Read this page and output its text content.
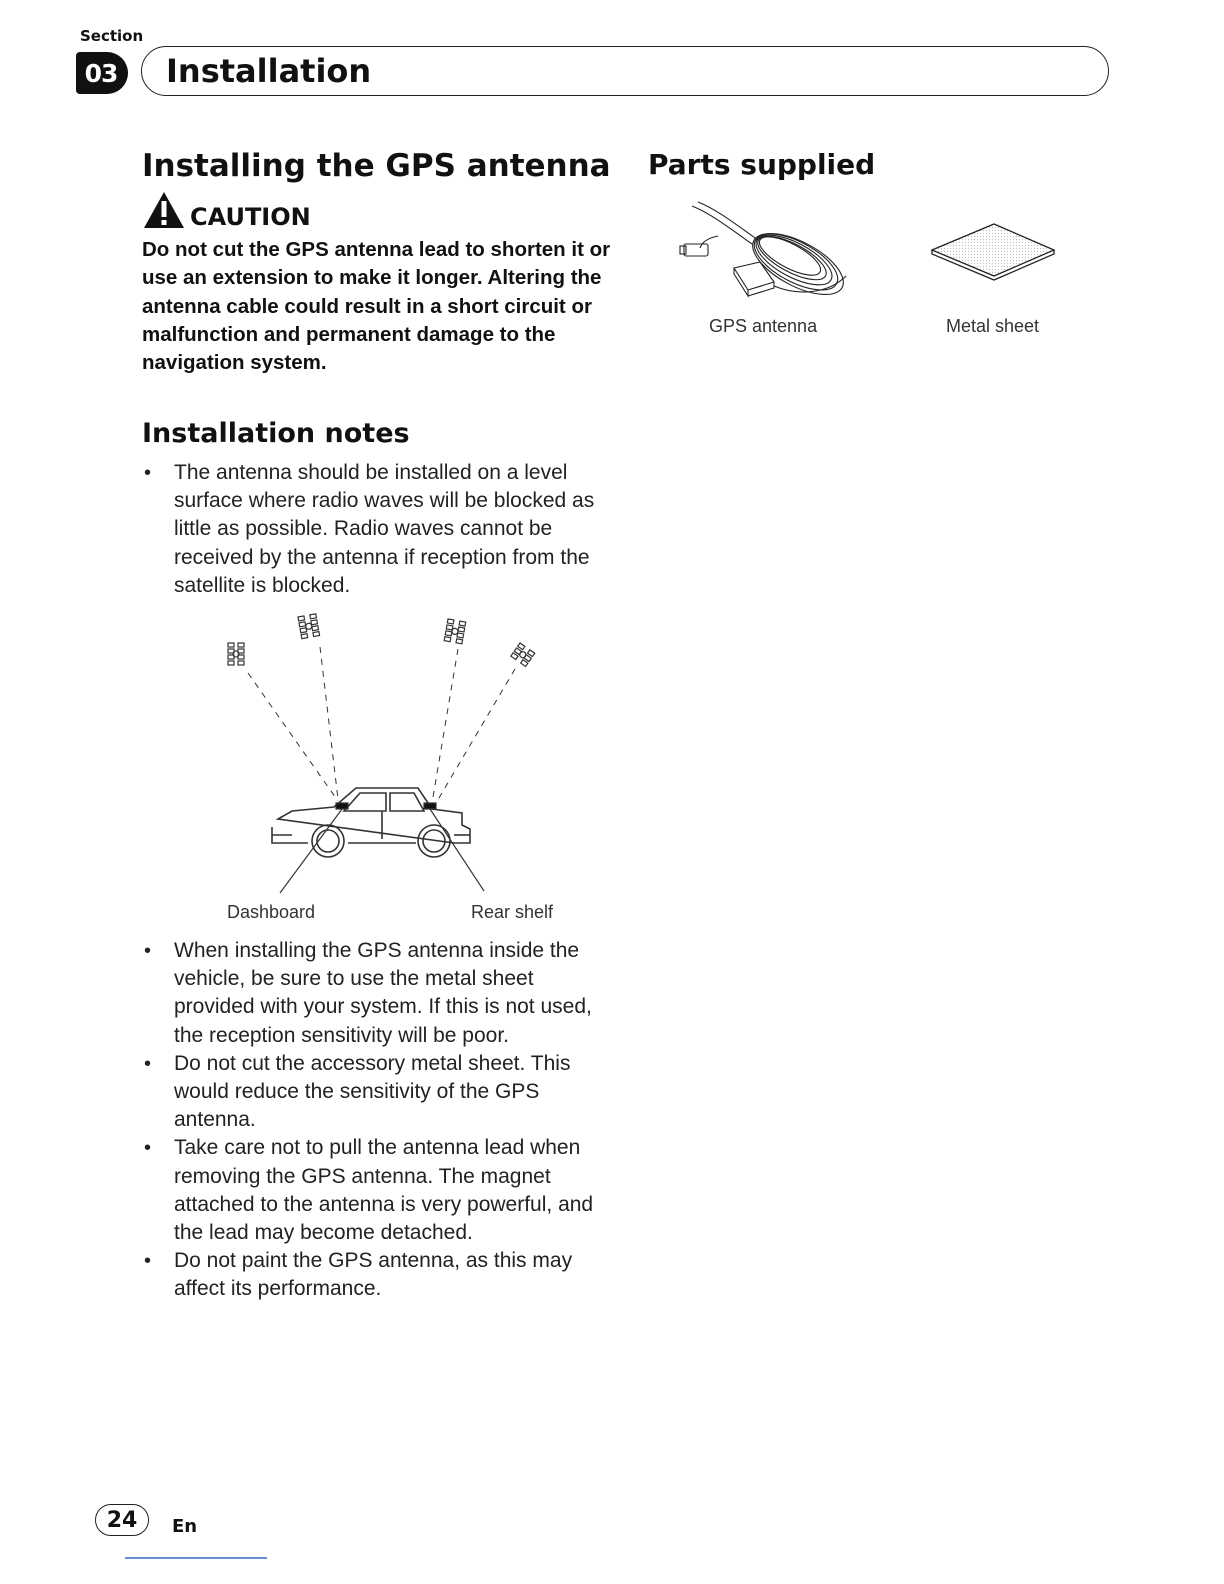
Section
03	Installation
Installing the GPS antenna
CAUTION

Do not cut the GPS antenna lead to shorten it or use an extension to make it longer. Altering the antenna cable could result in a short circuit or malfunction and permanent damage to the navigation system.

Installation notes
• The antenna should be installed on a level surface where radio waves will be blocked as little as possible. Radio waves cannot be received by the antenna if reception from the satellite is blocked.
Dashboard	Rear shelf
• When installing the GPS antenna inside the vehicle, be sure to use the metal sheet provided with your system. If this is not used, the reception sensitivity will be poor.
• Do not cut the accessory metal sheet. This would reduce the sensitivity of the GPS antenna.
• Take care not to pull the antenna lead when removing the GPS antenna. The magnet attached to the antenna is very powerful, and the lead may become detached.
• Do not paint the GPS antenna, as this may affect its performance.
Parts supplied
GPS antenna	Metal sheet
24	En
